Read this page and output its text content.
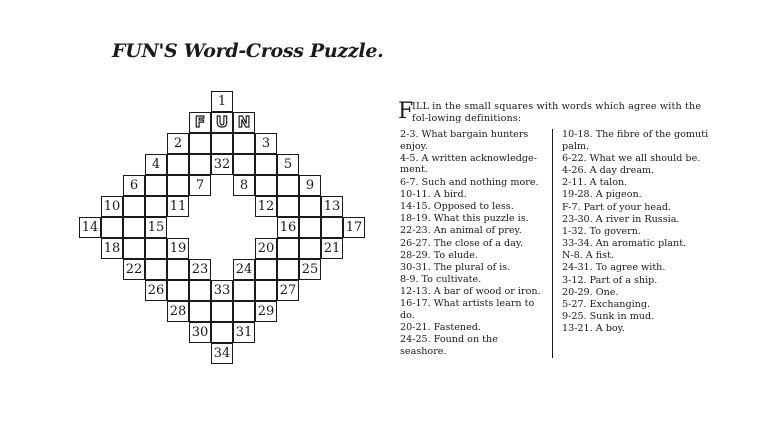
FUN'S Word-Cross Puzzle.
1
F U N
2	3
4	32	5
6	7	8	9
10	11	12	13
14	15	16	17
18	19	20	21
22	23 24	25
26	33	27
28	29
30 31
34
F
ILL in the small squares with words which agree with the fol-lowing definitions:
2-3. What bargain hunters enjoy.
4-5. A written acknowledge-ment.
6-7. Such and nothing more.
10-11. A bird.
14-15. Opposed to less.
18-19. What this puzzle is.
22-23. An animal of prey.
26-27. The close of a day.
28-29. To elude.
30-31. The plural of is.
8-9. To cultivate.
12-13. A bar of wood or iron.
16-17. What artists learn to do.
20-21. Fastened.
24-25. Found on the seashore.
10-18. The fibre of the gomuti palm.
6-22. What we all should be.
4-26. A day dream.
2-11. A talon.
19-28. A pigeon.
F-7. Part of your head.
23-30. A river in Russia.
1-32. To govern.
33-34. An aromatic plant.
N-8. A fist.
24-31. To agree with.
3-12. Part of a ship.
20-29. One.
5-27. Exchanging.
9-25. Sunk in mud.
13-21. A boy.
